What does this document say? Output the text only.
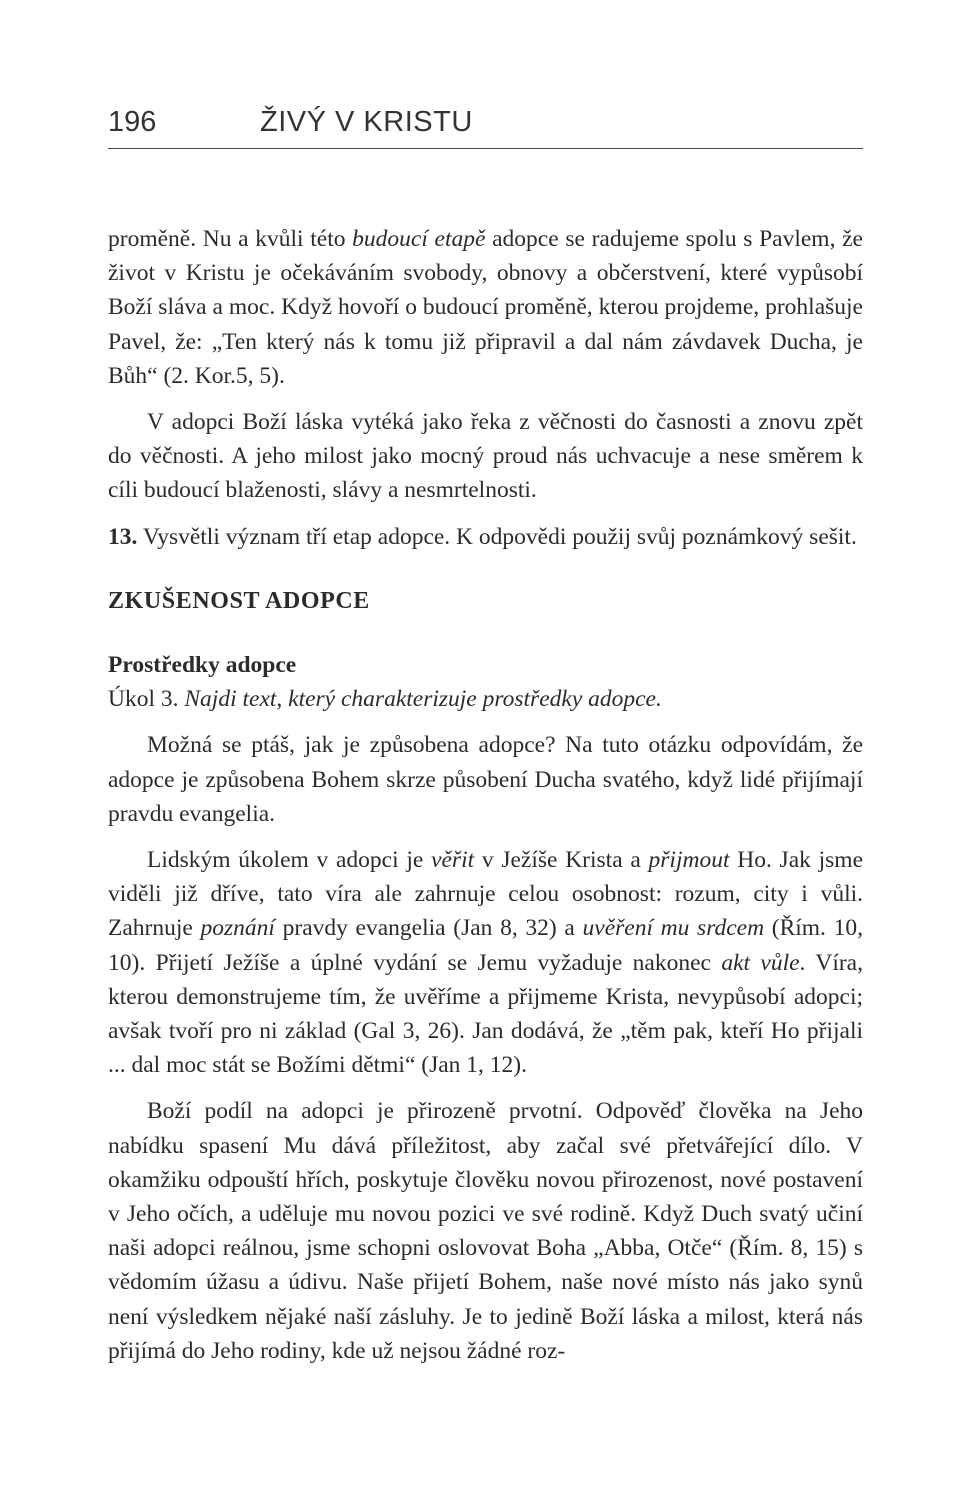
196	ŽIVÝ V KRISTU

proměně. Nu a kvůli této budoucí etapě adopce se radujeme spolu s Pavlem, že život v Kristu je očekáváním svobody, obnovy a občerstvení, které vypůsobí Boží sláva a moc. Když hovoří o budoucí proměně, kterou projdeme, prohlašuje Pavel, že: „Ten který nás k tomu již připravil a dal nám závdavek Ducha, je Bůh“ (2. Kor.5, 5).

V adopci Boží láska vytéká jako řeka z věčnosti do časnosti a znovu zpět do věčnosti. A jeho milost jako mocný proud nás uchvacuje a nese směrem k cíli budoucí blaženosti, slávy a nesmrtelnosti.

13. Vysvětli význam tří etap adopce. K odpovědi použij svůj poznámkový sešit.

ZKUŠENOST ADOPCE
Prostředky adopce

Úkol 3. Najdi text, který charakterizuje prostředky adopce.

Možná se ptáš, jak je způsobena adopce? Na tuto otázku odpovídám, že adopce je způsobena Bohem skrze působení Ducha svatého, když lidé přijímají pravdu evangelia.

Lidským úkolem v adopci je věřit v Ježíše Krista a přijmout Ho. Jak jsme viděli již dříve, tato víra ale zahrnuje celou osobnost: rozum, city i vůli. Zahrnuje poznání pravdy evangelia (Jan 8, 32) a uvěření mu srdcem (Řím. 10, 10). Přijetí Ježíše a úplné vydání se Jemu vyžaduje nakonec akt vůle. Víra, kterou demonstrujeme tím, že uvěříme a přijmeme Krista, nevypůsobí adopci; avšak tvoří pro ni základ (Gal 3, 26). Jan dodává, že „těm pak, kteří Ho přijali ... dal moc stát se Božími dětmi“ (Jan 1, 12).

Boží podíl na adopci je přirozeně prvotní. Odpověď člověka na Jeho nabídku spasení Mu dává příležitost, aby začal své přetvářející dílo. V okamžiku odpouští hřích, poskytuje člověku novou přirozenost, nové postavení v Jeho očích, a uděluje mu novou pozici ve své rodině. Když Duch svatý učiní naši adopci reálnou, jsme schopni oslovovat Boha „Abba, Otče“ (Řím. 8, 15) s vědomím úžasu a údivu. Naše přijetí Bohem, naše nové místo nás jako synů není výsledkem nějaké naší zásluhy. Je to jedině Boží láska a milost, která nás přijímá do Jeho rodiny, kde už nejsou žádné roz-
